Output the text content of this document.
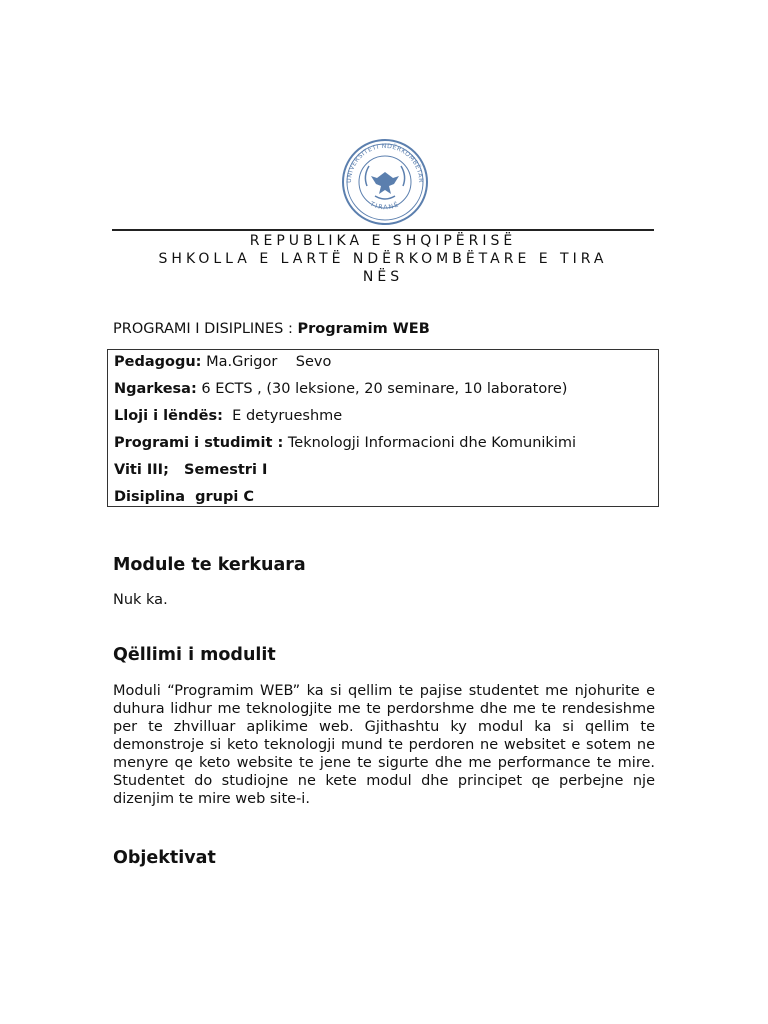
UNIVERSITETI NDËRKOMBËTAR
TIRANË
REPUBLIKA E SHQIPËRISË
SHKOLLA E LARTË NDËRKOMBËTARE E TIRA
NËS
PROGRAMI I DISIPLINES : Programim WEB
Pedagogu: Ma.Grigor    Sevo
Ngarkesa: 6 ECTS , (30 leksione, 20 seminare, 10 laboratore)
Lloji i lëndës:  E detyrueshme
Programi i studimit : Teknologji Informacioni dhe Komunikimi
Viti III;   Semestri I
Disiplina  grupi C
Module te kerkuara
Nuk ka.
Qëllimi i modulit
Moduli “Programim WEB” ka si qellim te pajise studentet me njohurite e duhura lidhur me teknologjite me te perdorshme dhe me te rendesishme per te zhvilluar aplikime web. Gjithashtu ky modul ka si qellim te demonstroje si keto teknologji mund te perdoren ne websitet e sotem ne menyre qe keto website te jene te sigurte dhe me performance te mire. Studentet do studiojne ne kete modul dhe principet qe perbejne nje dizenjim te mire web site-i.
Objektivat
